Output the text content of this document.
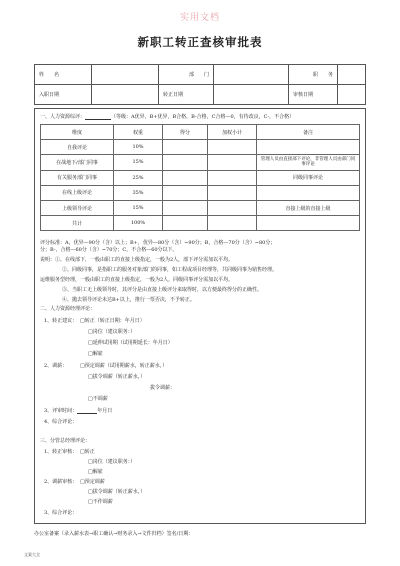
实用文档
新职工转正查核审批表
姓　　名		部　　门		职　　务	
入职日期		转正日期		审核日期	
一、人力资源综评：	（等级：A优异，B+优异，B合格，B-合格，C合格—0，有待改良，C-，不合格）
维度	权重	得分	加权小计	备注
自我评论	10%			
在战地下/部门同事	15%			管理人员由直接部下评论，非管理人员由部门同事评论
有关服务部门同事	25%			同级同事评论
在线上级评论	35%			
上级领导评论	15%			直接上级的直接上级
共计	100%			
评分标准：A，优异—90分（含）以上；B+，优异—80分（含）~90分；B，合格—70分（含）~80分；
分；B-，合格—60分（含）~70分；C，不合格—60分以下。
说明：①、在线部下，一般由职工的直接上级指定，一般为2人，部下评分需加以平均。
②、同级同事，是指职工的服务对象部门的同事，如工程或项目经理等，共同级同事为销售经理。
运维服务型经理，一般由职工的直接上级指定，一般为2人，同级同事评分需加以平均。
③、当职工无上级领导时，其评分是由直接上级评分来取得时，以方便最终得分的正确性。
④、抛去领导评论未达B+以上，推行一票否决，不予转正。
二、人力资源经理评论：
1、转正建议： □转正（转正日期：年月日）
□岗位（建议职务：）
□延伸试用期（试用期延长：年月日）
□解雇
2、调薪：	□预定调薪（试用期薪水，转正薪水，）
□拔令调薪（转正薪水，）
拔令调薪：
□不调薪
3、评审时间：	年月日
4、综合评论：
三、分管总经理评论：
1、转正审核： □转正
□岗位（建议职务：）
□解雇
2、调薪审核： □预定调薪
□拔令调薪（转正薪水，）
□不作调薪
3、综合评论：
办公室备案（录入薪水表→职工确认→财务录入→文件归档）签名/日期：
文案大全
